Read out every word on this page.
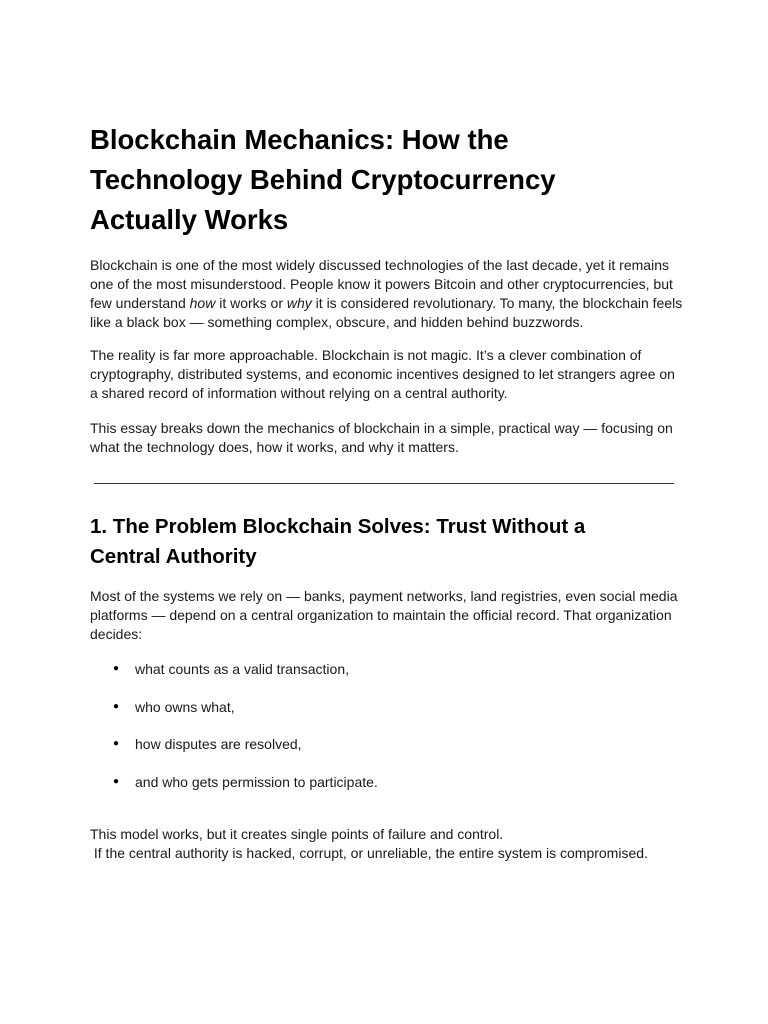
Blockchain Mechanics: How the
Technology Behind Cryptocurrency
Actually Works

Blockchain is one of the most widely discussed technologies of the last decade, yet it remains
one of the most misunderstood. People know it powers Bitcoin and other cryptocurrencies, but
few understand how it works or why it is considered revolutionary. To many, the blockchain feels
like a black box — something complex, obscure, and hidden behind buzzwords.

The reality is far more approachable. Blockchain is not magic. It’s a clever combination of
cryptography, distributed systems, and economic incentives designed to let strangers agree on
a shared record of information without relying on a central authority.

This essay breaks down the mechanics of blockchain in a simple, practical way — focusing on
what the technology does, how it works, and why it matters.

1. The Problem Blockchain Solves: Trust Without a
Central Authority

Most of the systems we rely on — banks, payment networks, land registries, even social media
platforms — depend on a central organization to maintain the official record. That organization
decides:

● what counts as a valid transaction,
● who owns what,
● how disputes are resolved,
● and who gets permission to participate.

This model works, but it creates single points of failure and control.
If the central authority is hacked, corrupt, or unreliable, the entire system is compromised.
